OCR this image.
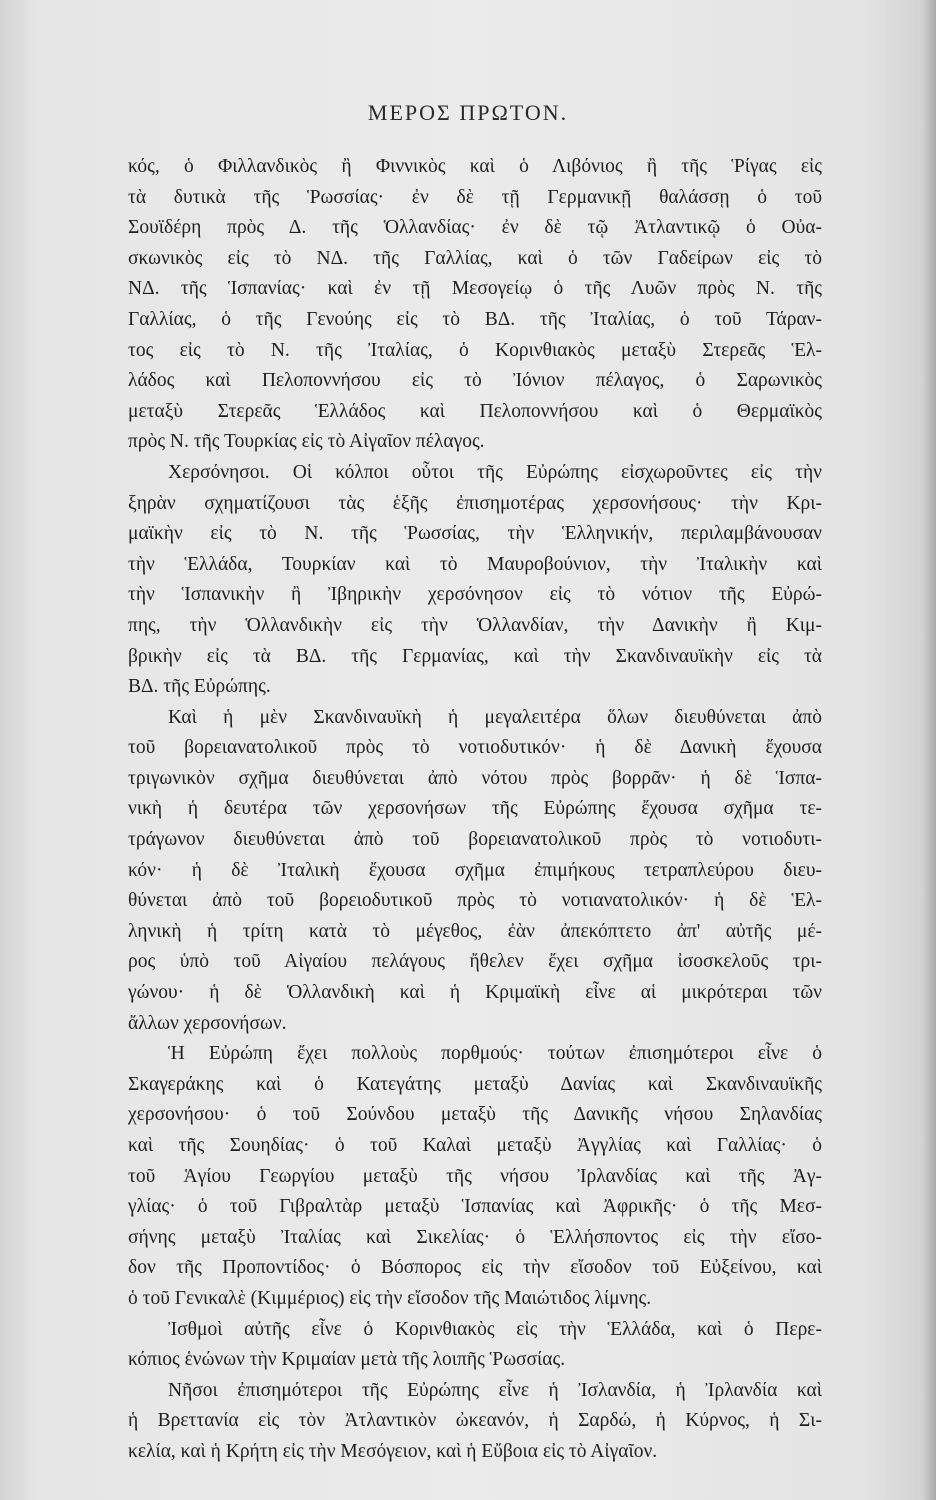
ΜΕΡΟΣ ΠΡΩΤΟΝ.

κός, ὁ Φιλλανδικὸς ἢ Φιννικὸς καὶ ὁ Λιβόνιος ἢ τῆς Ῥίγας εἰς
τὰ δυτικὰ τῆς Ῥωσσίας· ἐν δὲ τῇ Γερμανικῇ θαλάσσῃ ὁ τοῦ
Σουϊδέρη πρὸς Δ. τῆς Ὁλλανδίας· ἐν δὲ τῷ Ἀτλαντικῷ ὁ Οὐα-
σκωνικὸς εἰς τὸ ΝΔ. τῆς Γαλλίας, καὶ ὁ τῶν Γαδείρων εἰς τὸ
ΝΔ. τῆς Ἱσπανίας· καὶ ἐν τῇ Μεσογείῳ ὁ τῆς Λυῶν πρὸς Ν. τῆς
Γαλλίας, ὁ τῆς Γενούης εἰς τὸ ΒΔ. τῆς Ἰταλίας, ὁ τοῦ Τάραν-
τος εἰς τὸ Ν. τῆς Ἰταλίας, ὁ Κορινθιακὸς μεταξὺ Στερεᾶς Ἑλ-
λάδος καὶ Πελοποννήσου εἰς τὸ Ἰόνιον πέλαγος, ὁ Σαρωνικὸς
μεταξὺ Στερεᾶς Ἑλλάδος καὶ Πελοποννήσου καὶ ὁ Θερμαϊκὸς
πρὸς Ν. τῆς Τουρκίας εἰς τὸ Αἰγαῖον πέλαγος.

Χερσόνησοι. Οἱ κόλποι οὗτοι τῆς Εὐρώπης εἰσχωροῦντες εἰς τὴν
ξηρὰν σχηματίζουσι τὰς ἑξῆς ἐπισημοτέρας χερσονήσους· τὴν Κρι-
μαϊκὴν εἰς τὸ Ν. τῆς Ῥωσσίας, τὴν Ἑλληνικήν, περιλαμβάνουσαν
τὴν Ἑλλάδα, Τουρκίαν καὶ τὸ Μαυροβούνιον, τὴν Ἰταλικὴν καὶ
τὴν Ἱσπανικὴν ἢ Ἰβηρικὴν χερσόνησον εἰς τὸ νότιον τῆς Εὐρώ-
πης, τὴν Ὁλλανδικὴν εἰς τὴν Ὁλλανδίαν, τὴν Δανικὴν ἢ Κιμ-
βρικὴν εἰς τὰ ΒΔ. τῆς Γερμανίας, καὶ τὴν Σκανδιναυϊκὴν εἰς τὰ
ΒΔ. τῆς Εὐρώπης.

Καὶ ἡ μὲν Σκανδιναυϊκὴ ἡ μεγαλειτέρα ὅλων διευθύνεται ἀπὸ
τοῦ βορειανατολικοῦ πρὸς τὸ νοτιοδυτικόν· ἡ δὲ Δανικὴ ἔχουσα
τριγωνικὸν σχῆμα διευθύνεται ἀπὸ νότου πρὸς βορρᾶν· ἡ δὲ Ἱσπα-
νικὴ ἡ δευτέρα τῶν χερσονήσων τῆς Εὐρώπης ἔχουσα σχῆμα τε-
τράγωνον διευθύνεται ἀπὸ τοῦ βορειανατολικοῦ πρὸς τὸ νοτιοδυτι-
κόν· ἡ δὲ Ἰταλικὴ ἔχουσα σχῆμα ἐπιμήκους τετραπλεύρου διευ-
θύνεται ἀπὸ τοῦ βορειοδυτικοῦ πρὸς τὸ νοτιανατολικόν· ἡ δὲ Ἑλ-
ληνικὴ ἡ τρίτη κατὰ τὸ μέγεθος, ἐὰν ἀπεκόπτετο ἀπ' αὐτῆς μέ-
ρος ὑπὸ τοῦ Αἰγαίου πελάγους ἤθελεν ἔχει σχῆμα ἰσοσκελοῦς τρι-
γώνου· ἡ δὲ Ὁλλανδικὴ καὶ ἡ Κριμαϊκὴ εἶνε αἱ μικρότεραι τῶν
ἄλλων χερσονήσων.

Ἡ Εὐρώπη ἔχει πολλοὺς πορθμούς· τούτων ἐπισημότεροι εἶνε ὁ
Σκαγεράκης καὶ ὁ Κατεγάτης μεταξὺ Δανίας καὶ Σκανδιναυϊκῆς
χερσονήσου· ὁ τοῦ Σούνδου μεταξὺ τῆς Δανικῆς νήσου Σηλανδίας
καὶ τῆς Σουηδίας· ὁ τοῦ Καλαὶ μεταξὺ Ἀγγλίας καὶ Γαλλίας· ὁ
τοῦ Ἁγίου Γεωργίου μεταξὺ τῆς νήσου Ἰρλανδίας καὶ τῆς Ἀγ-
γλίας· ὁ τοῦ Γιβραλτὰρ μεταξὺ Ἱσπανίας καὶ Ἀφρικῆς· ὁ τῆς Μεσ-
σήνης μεταξὺ Ἰταλίας καὶ Σικελίας· ὁ Ἑλλήσποντος εἰς τὴν εἴσο-
δον τῆς Προποντίδος· ὁ Βόσπορος εἰς τὴν εἴσοδον τοῦ Εὐξείνου, καὶ
ὁ τοῦ Γενικαλὲ (Κιμμέριος) εἰς τὴν εἴσοδον τῆς Μαιώτιδος λίμνης.

Ἰσθμοὶ αὐτῆς εἶνε ὁ Κορινθιακὸς εἰς τὴν Ἑλλάδα, καὶ ὁ Περε-
κόπιος ἑνώνων τὴν Κριμαίαν μετὰ τῆς λοιπῆς Ῥωσσίας.

Νῆσοι ἐπισημότεροι τῆς Εὐρώπης εἶνε ἡ Ἰσλανδία, ἡ Ἰρλανδία καὶ
ἡ Βρεττανία εἰς τὸν Ἀτλαντικὸν ὠκεανόν, ἡ Σαρδώ, ἡ Κύρνος, ἡ Σι-
κελία, καὶ ἡ Κρήτη εἰς τὴν Μεσόγειον, καὶ ἡ Εὔβοια εἰς τὸ Αἰγαῖον.
